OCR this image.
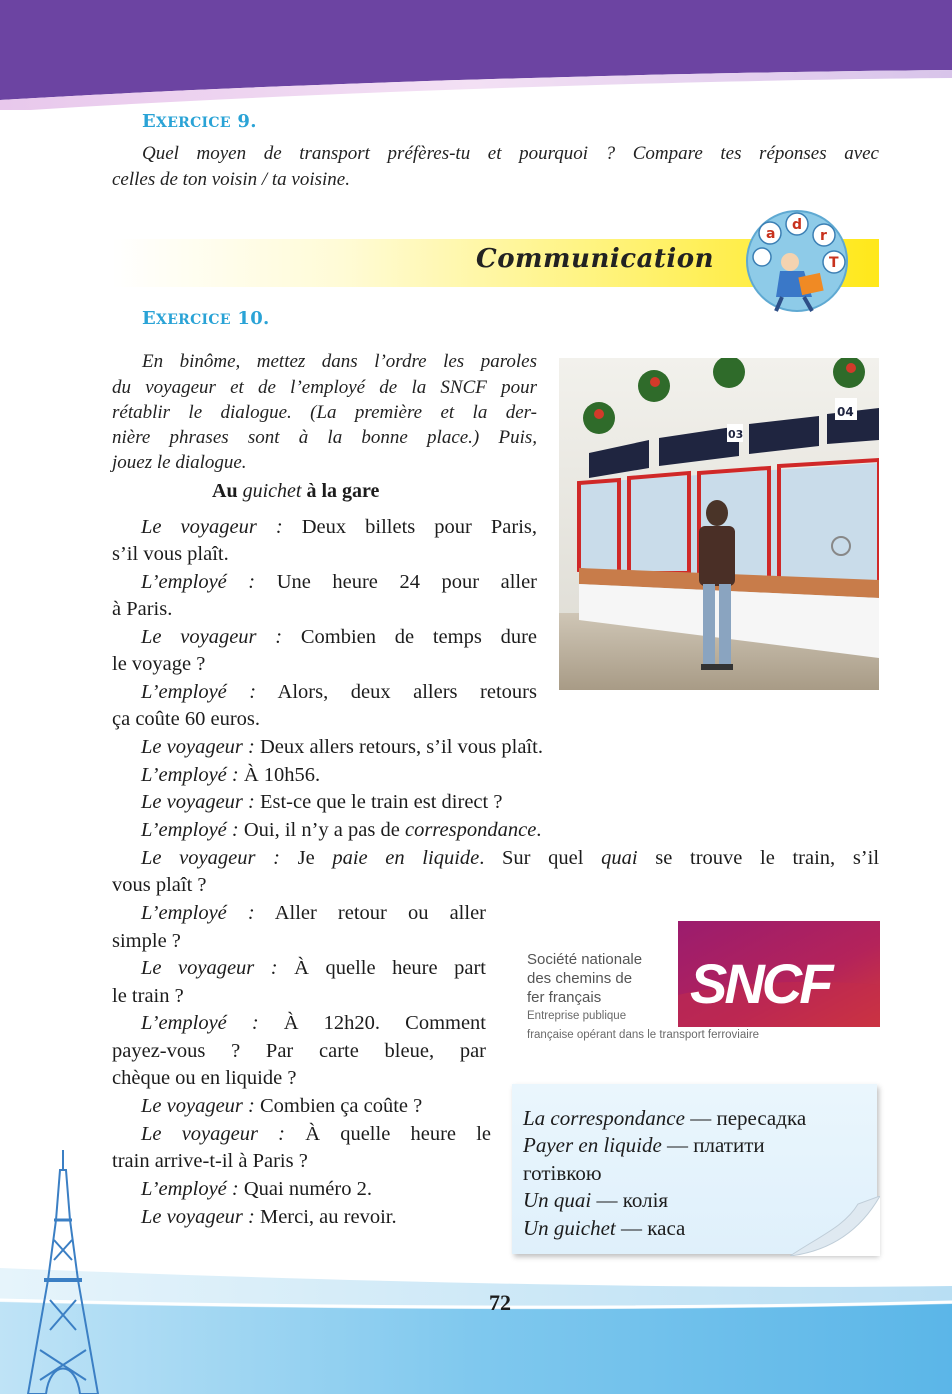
EXERCICE 9.
Quel moyen de transport préfères-tu et pourquoi ? Compare tes réponses avec
celles de ton voisin / ta voisine.
Communication
a
d
r
T
EXERCICE 10.
En binôme, mettez dans l’ordre les paroles
du voyageur et de l’employé de la SNCF pour
rétablir le dialogue. (La première et la der-
nière phrases sont à la bonne place.) Puis,
jouez le dialogue.
03
04
Au guichet à la gare
Le voyageur : Deux billets pour Paris,
s’il vous plaît.
L’employé : Une heure 24 pour aller
à Paris.
Le voyageur : Combien de temps dure
le voyage ?
L’employé : Alors, deux allers retours
ça coûte 60 euros.
Le voyageur : Deux allers retours, s’il vous plaît.
L’employé : À 10h56.
Le voyageur : Est-ce que le train est direct ?
L’employé : Oui, il n’y a pas de correspondance.
Le voyageur : Je paie en liquide. Sur quel quai se trouve le train, s’il
vous plaît ?
L’employé : Aller retour ou aller
simple ?
Le voyageur : À quelle heure part
le train ?
L’employé : À 12h20. Comment
payez-vous ? Par carte bleue, par
chèque ou en liquide ?
Le voyageur : Combien ça coûte ?
Le voyageur : À quelle heure le
train arrive-t-il à Paris ?
L’employé : Quai numéro 2.
Le voyageur : Merci, au revoir.
Société nationale
des chemins de
fer français
Entreprise publique
française opérant dans le transport ferroviaire
SNCF
La correspondance — пересадка
Payer en liquide — платити
готівкою
Un quai — колія
Un guichet — каса
72
